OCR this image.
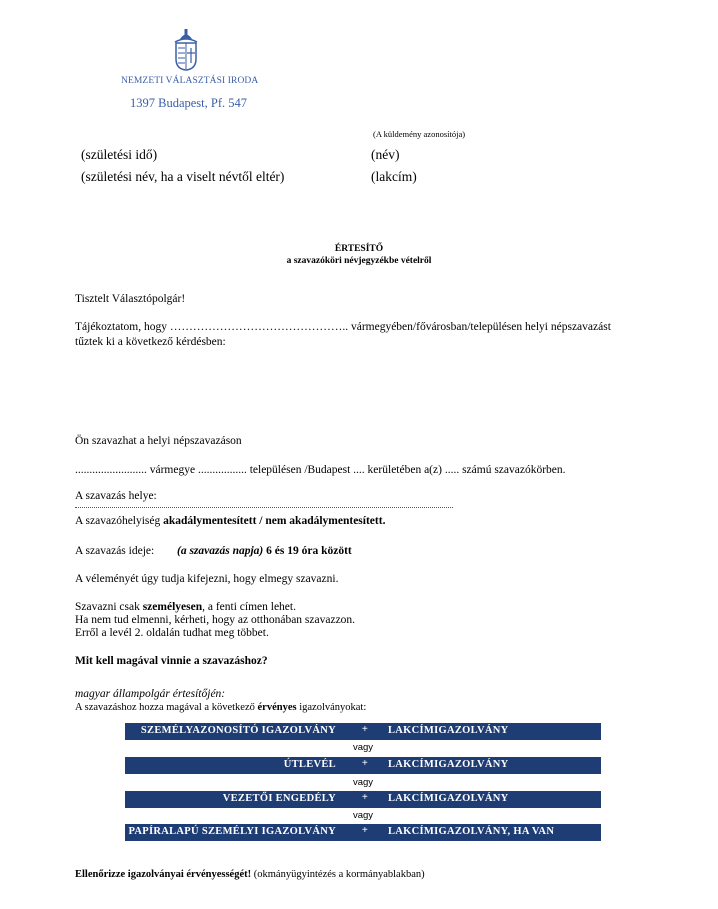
NEMZETI VÁLASZTÁSI IRODA
1397 Budapest, Pf. 547
(A küldemény azonosítója)
(születési idő)	(név)
(születési név, ha a viselt névtől eltér)	(lakcím)
ÉRTESÍTŐ
a szavazóköri névjegyzékbe vételről
Tisztelt Választópolgár!
Tájékoztatom, hogy ……………………………………….. vármegyében/fővárosban/településen helyi népszavazást
tűztek ki a következő kérdésben:
Ön szavazhat a helyi népszavazáson
......................... vármegye ................. településen /Budapest .... kerületében a(z) ..... számú szavazókörben.
A szavazás helye:
A szavazóhelyiség akadálymentesített / nem akadálymentesített.
A szavazás ideje: (a szavazás napja) 6 és 19 óra között
A véleményét úgy tudja kifejezni, hogy elmegy szavazni.
Szavazni csak személyesen, a fenti címen lehet.
Ha nem tud elmenni, kérheti, hogy az otthonában szavazzon.
Erről a levél 2. oldalán tudhat meg többet.
Mit kell magával vinnie a szavazáshoz?
magyar állampolgár értesítőjén:
A szavazáshoz hozza magával a következő érvényes igazolványokat:
SZEMÉLYAZONOSÍTÓ IGAZOLVÁNY + LAKCÍMIGAZOLVÁNY
vagy
ÚTLEVÉL + LAKCÍMIGAZOLVÁNY
vagy
VEZETŐI ENGEDÉLY + LAKCÍMIGAZOLVÁNY
vagy
PAPÍRALAPÚ SZEMÉLYI IGAZOLVÁNY + LAKCÍMIGAZOLVÁNY, HA VAN
Ellenőrizze igazolványai érvényességét! (okmányügyintézés a kormányablakban)
